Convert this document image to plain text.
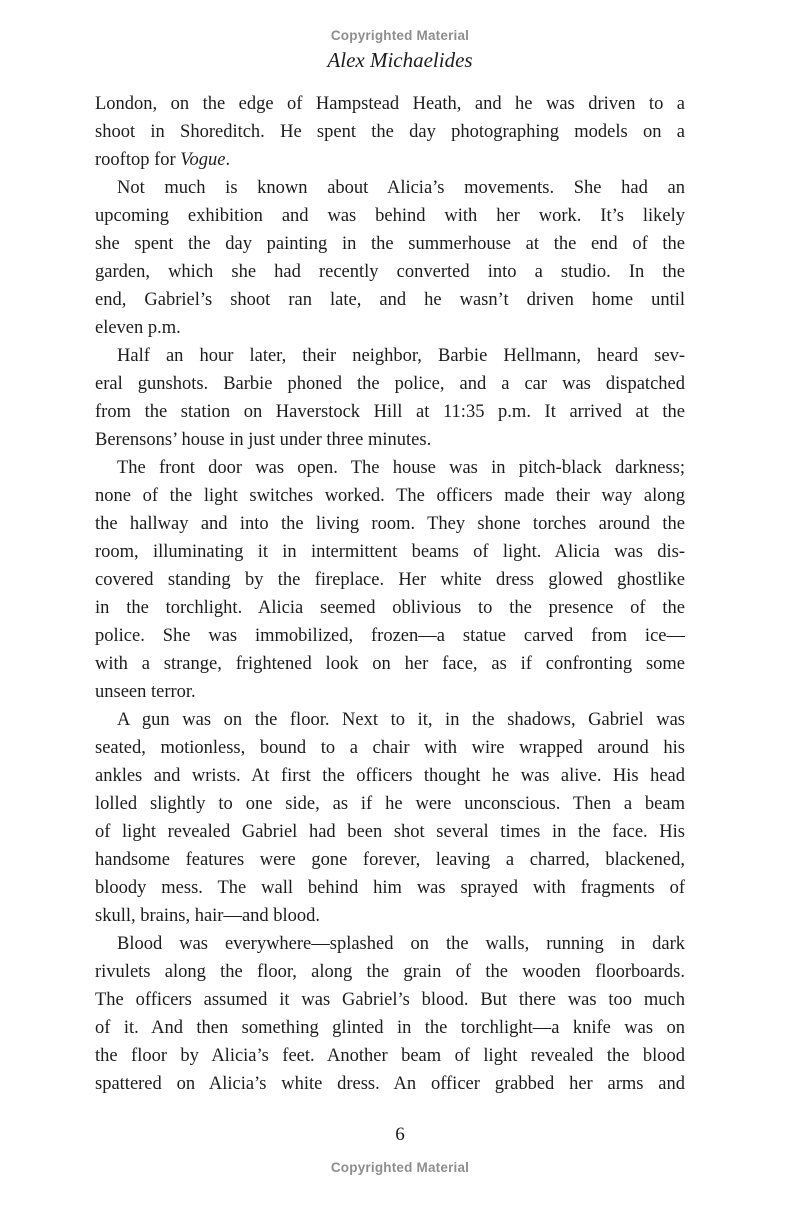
Copyrighted Material
Alex Michaelides
London, on the edge of Hampstead Heath, and he was driven to a
shoot in Shoreditch. He spent the day photographing models on a
rooftop for Vogue.
Not much is known about Alicia’s movements. She had an
upcoming exhibition and was behind with her work. It’s likely
she spent the day painting in the summerhouse at the end of the
garden, which she had recently converted into a studio. In the
end, Gabriel’s shoot ran late, and he wasn’t driven home until
eleven p.m.
Half an hour later, their neighbor, Barbie Hellmann, heard sev-
eral gunshots. Barbie phoned the police, and a car was dispatched
from the station on Haverstock Hill at 11:35 p.m. It arrived at the
Berensons’ house in just under three minutes.
The front door was open. The house was in pitch-black darkness;
none of the light switches worked. The officers made their way along
the hallway and into the living room. They shone torches around the
room, illuminating it in intermittent beams of light. Alicia was dis-
covered standing by the fireplace. Her white dress glowed ghostlike
in the torchlight. Alicia seemed oblivious to the presence of the
police. She was immobilized, frozen—a statue carved from ice—
with a strange, frightened look on her face, as if confronting some
unseen terror.
A gun was on the floor. Next to it, in the shadows, Gabriel was
seated, motionless, bound to a chair with wire wrapped around his
ankles and wrists. At first the officers thought he was alive. His head
lolled slightly to one side, as if he were unconscious. Then a beam
of light revealed Gabriel had been shot several times in the face. His
handsome features were gone forever, leaving a charred, blackened,
bloody mess. The wall behind him was sprayed with fragments of
skull, brains, hair—and blood.
Blood was everywhere—splashed on the walls, running in dark
rivulets along the floor, along the grain of the wooden floorboards.
The officers assumed it was Gabriel’s blood. But there was too much
of it. And then something glinted in the torchlight—a knife was on
the floor by Alicia’s feet. Another beam of light revealed the blood
spattered on Alicia’s white dress. An officer grabbed her arms and
6
Copyrighted Material
